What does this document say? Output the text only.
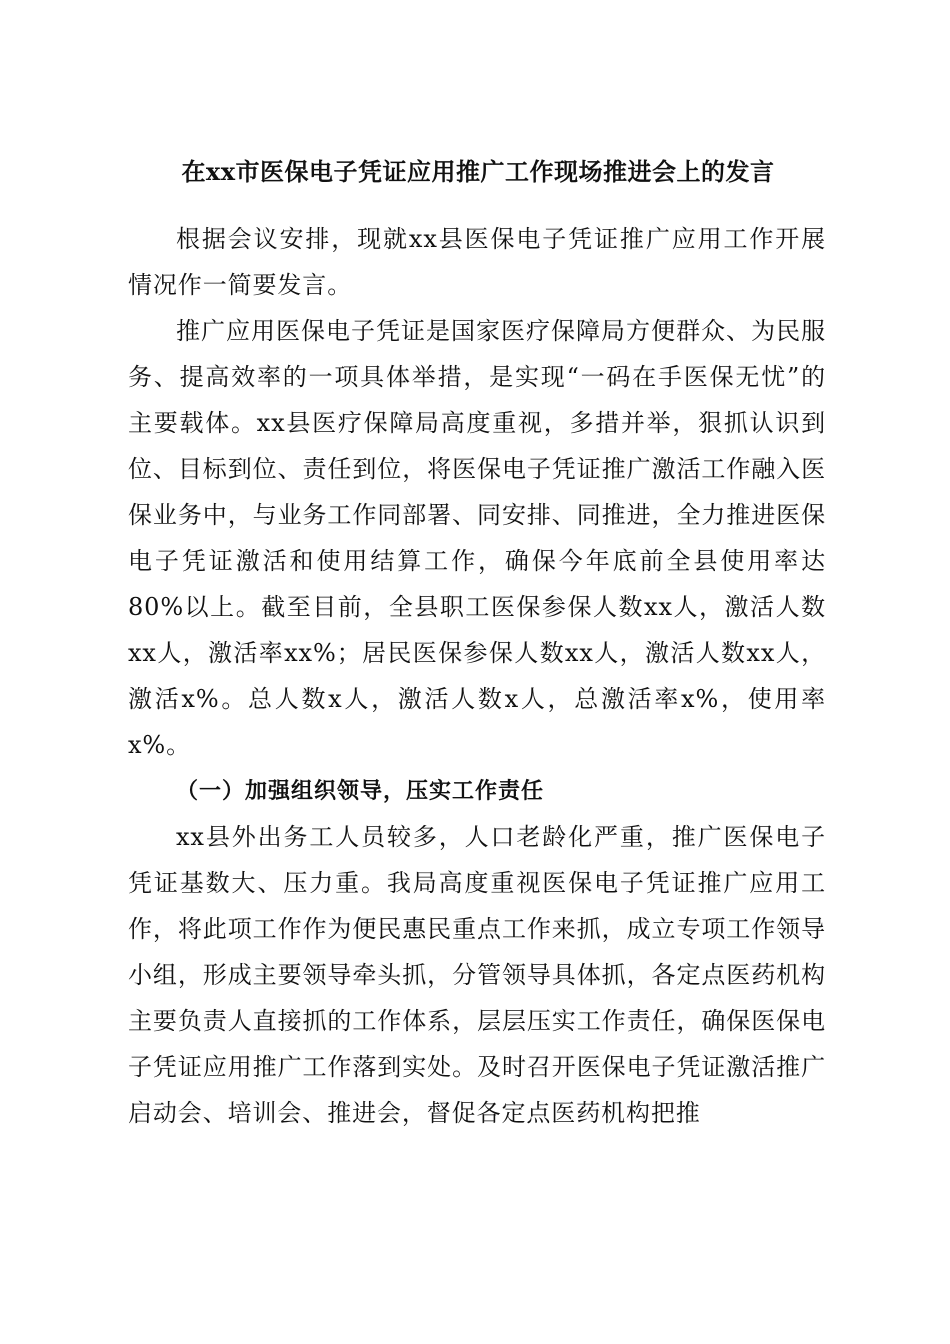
在xx市医保电子凭证应用推广工作现场推进会上的发言

根据会议安排，现就xx县医保电子凭证推广应用工作开展情况作一简要发言。

推广应用医保电子凭证是国家医疗保障局方便群众、为民服务、提高效率的一项具体举措，是实现“一码在手医保无忧”的主要载体。xx县医疗保障局高度重视，多措并举，狠抓认识到位、目标到位、责任到位，将医保电子凭证推广激活工作融入医保业务中，与业务工作同部署、同安排、同推进，全力推进医保电子凭证激活和使用结算工作，确保今年底前全县使用率达80%以上。截至目前，全县职工医保参保人数xx人，激活人数xx人，激活率xx%；居民医保参保人数xx人，激活人数xx人，激活x%。总人数x人，激活人数x人，总激活率x%，使用率x%。

（一）加强组织领导，压实工作责任

xx县外出务工人员较多，人口老龄化严重，推广医保电子凭证基数大、压力重。我局高度重视医保电子凭证推广应用工作，将此项工作作为便民惠民重点工作来抓，成立专项工作领导小组，形成主要领导牵头抓，分管领导具体抓，各定点医药机构主要负责人直接抓的工作体系，层层压实工作责任，确保医保电子凭证应用推广工作落到实处。及时召开医保电子凭证激活推广启动会、培训会、推进会，督促各定点医药机构把推
